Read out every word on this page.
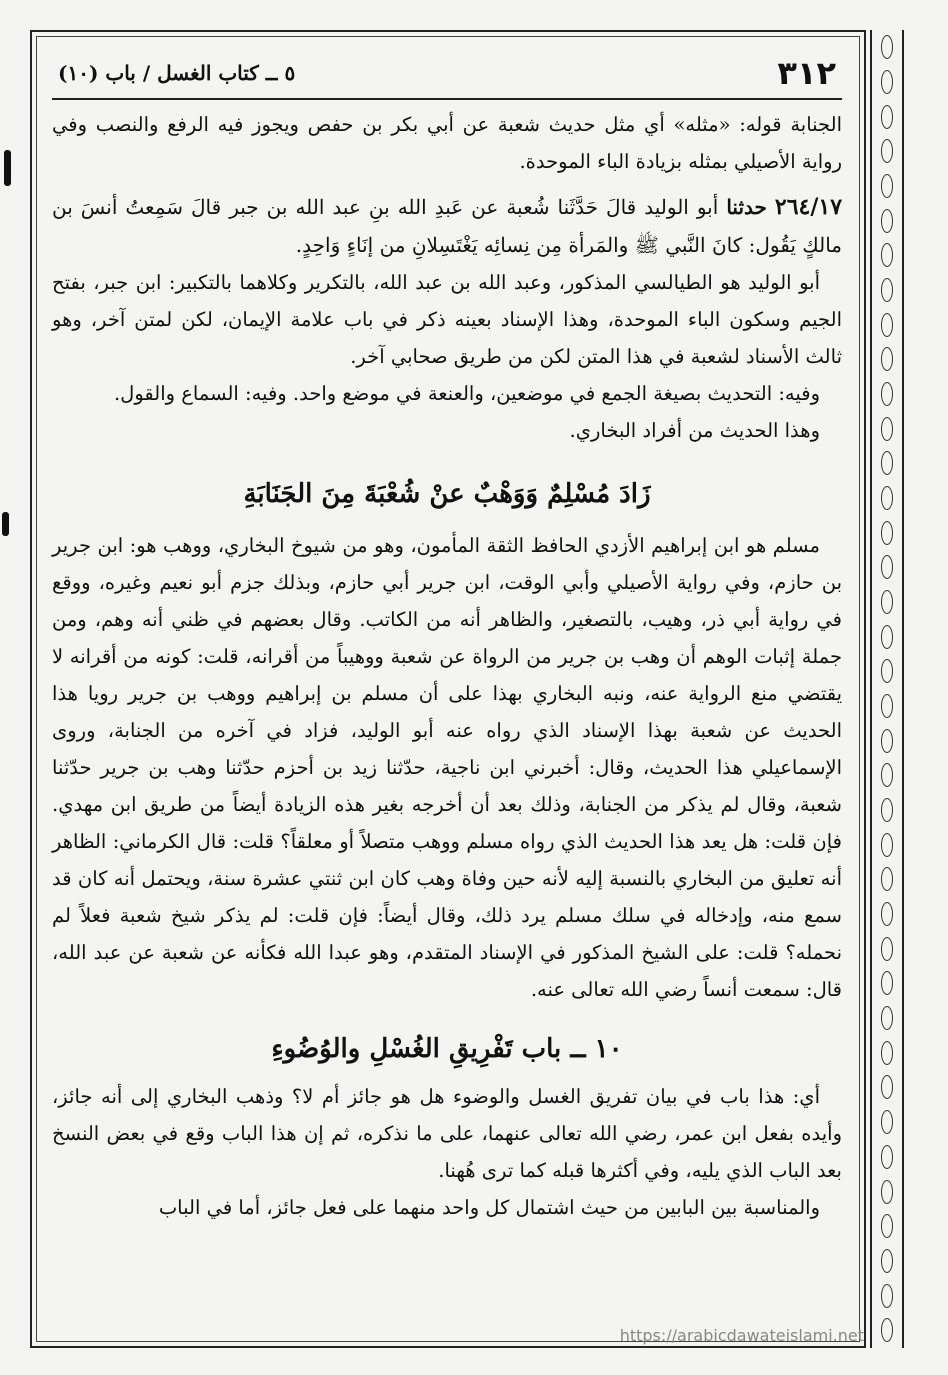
٣١٢
٥ ــ كتاب الغسل / باب (١٠)

الجنابة قوله: «مثله» أي مثل حديث شعبة عن أبي بكر بن حفص ويجوز فيه الرفع والنصب وفي رواية الأصيلي بمثله بزيادة الباء الموحدة.

٢٦٤/١٧ حدثنا أبو الوليد قالَ حَدَّثَنا شُعبة عن عَبدِ الله بنِ عبد الله بن جبر قالَ سَمِعتُ أنسَ بن مالكٍ يَقُول: كانَ النَّبي ﷺ والمَرأة مِن نِسائِه يَغْتَسِلانِ من إنَاءٍ وَاحِدٍ.

أبو الوليد هو الطيالسي المذكور، وعبد الله بن عبد الله، بالتكرير وكلاهما بالتكبير: ابن جبر، بفتح الجيم وسكون الباء الموحدة، وهذا الإسناد بعينه ذكر في باب علامة الإيمان، لكن لمتن آخر، وهو ثالث الأسناد لشعبة في هذا المتن لكن من طريق صحابي آخر.

وفيه: التحديث بصيغة الجمع في موضعين، والعنعة في موضع واحد. وفيه: السماع والقول.

وهذا الحديث من أفراد البخاري.

زَادَ مُسْلِمٌ وَوَهْبٌ عنْ شُعْبَةَ مِنَ الجَنَابَةِ

مسلم هو ابن إبراهيم الأزدي الحافظ الثقة المأمون، وهو من شيوخ البخاري، ووهب هو: ابن جرير بن حازم، وفي رواية الأصيلي وأبي الوقت، ابن جرير أبي حازم، وبذلك جزم أبو نعيم وغيره، ووقع في رواية أبي ذر، وهيب، بالتصغير، والظاهر أنه من الكاتب. وقال بعضهم في ظني أنه وهم، ومن جملة إثبات الوهم أن وهب بن جرير من الرواة عن شعبة ووهيباً من أقرانه، قلت: كونه من أقرانه لا يقتضي منع الرواية عنه، ونبه البخاري بهذا على أن مسلم بن إبراهيم ووهب بن جرير رويا هذا الحديث عن شعبة بهذا الإسناد الذي رواه عنه أبو الوليد، فزاد في آخره من الجنابة، وروى الإسماعيلي هذا الحديث، وقال: أخبرني ابن ناجية، حدّثنا زيد بن أحزم حدّثنا وهب بن جرير حدّثنا شعبة، وقال لم يذكر من الجنابة، وذلك بعد أن أخرجه بغير هذه الزيادة أيضاً من طريق ابن مهدي. فإن قلت: هل يعد هذا الحديث الذي رواه مسلم ووهب متصلاً أو معلقاً؟ قلت: قال الكرماني: الظاهر أنه تعليق من البخاري بالنسبة إليه لأنه حين وفاة وهب كان ابن ثنتي عشرة سنة، ويحتمل أنه كان قد سمع منه، وإدخاله في سلك مسلم يرد ذلك، وقال أيضاً: فإن قلت: لم يذكر شيخ شعبة فعلاً لم نحمله؟ قلت: على الشيخ المذكور في الإسناد المتقدم، وهو عبدا الله فكأنه عن شعبة عن عبد الله، قال: سمعت أنساً رضي الله تعالى عنه.

١٠ ــ باب تَفْرِيقِ الغُسْلِ والوُضُوءِ

أي: هذا باب في بيان تفريق الغسل والوضوء هل هو جائز أم لا؟ وذهب البخاري إلى أنه جائز، وأيده بفعل ابن عمر، رضي الله تعالى عنهما، على ما نذكره، ثم إن هذا الباب وقع في بعض النسخ بعد الباب الذي يليه، وفي أكثرها قبله كما ترى هُهنا.

والمناسبة بين البابين من حيث اشتمال كل واحد منهما على فعل جائز، أما في الباب

https://arabicdawateislami.net
